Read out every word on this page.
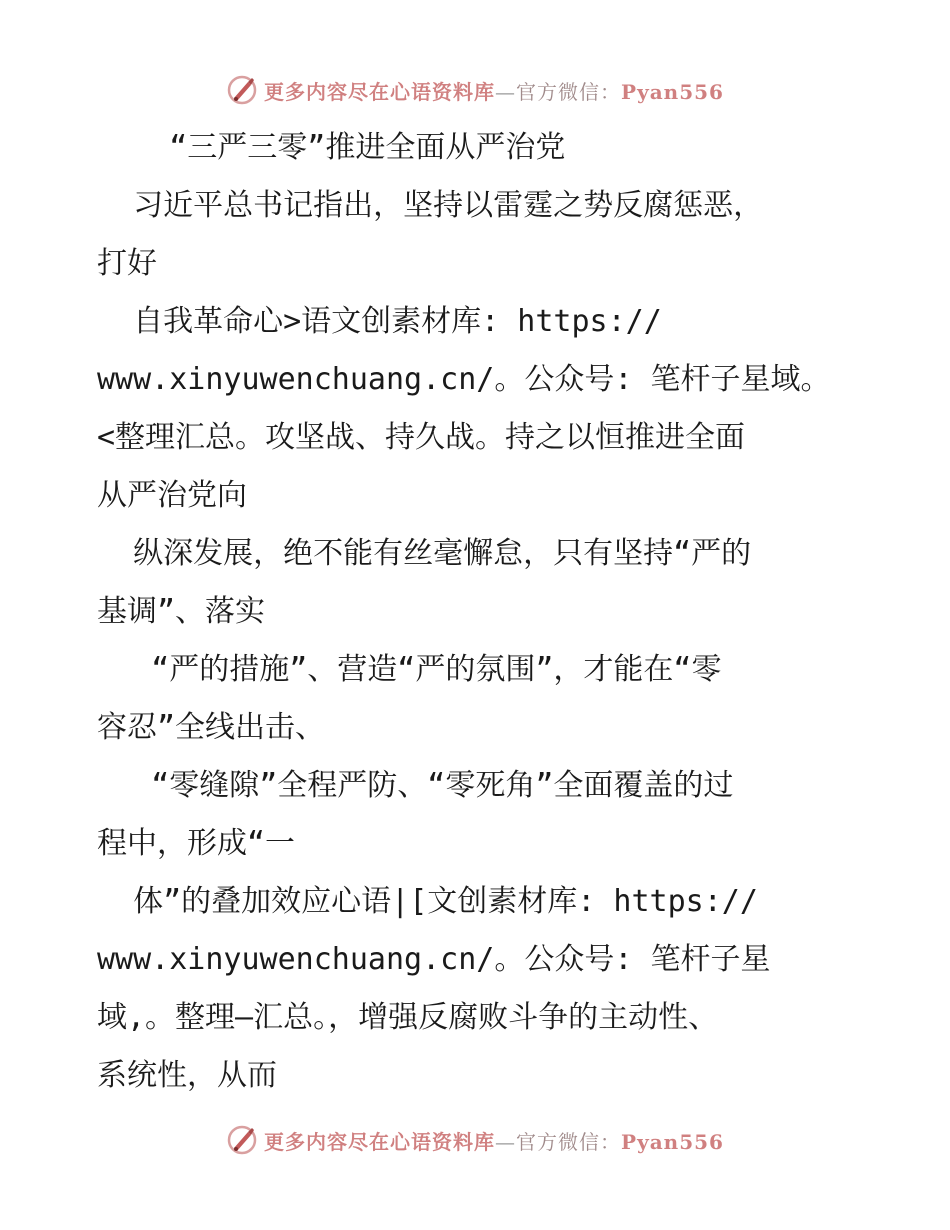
更多内容尽在心语资料库—官方微信：Pyan556

“三严三零”推进全面从严治党

习近平总书记指出，坚持以雷霆之势反腐惩恶，

打好

自我革命心>语文创素材库: https://

www.xinyuwenchuang.cn/。公众号: 笔杆子星域。

<整理汇总。攻坚战、持久战。持之以恒推进全面

从严治党向

纵深发展，绝不能有丝毫懈怠，只有坚持“严的

基调”、落实

“严的措施”、营造“严的氛围”，才能在“零

容忍”全线出击、

“零缝隙”全程严防、“零死角”全面覆盖的过

程中，形成“一

体”的叠加效应心语|[文创素材库: https://

www.xinyuwenchuang.cn/。公众号: 笔杆子星

域,。整理—汇总。，增强反腐败斗争的主动性、

系统性，从而

更多内容尽在心语资料库—官方微信：Pyan556
